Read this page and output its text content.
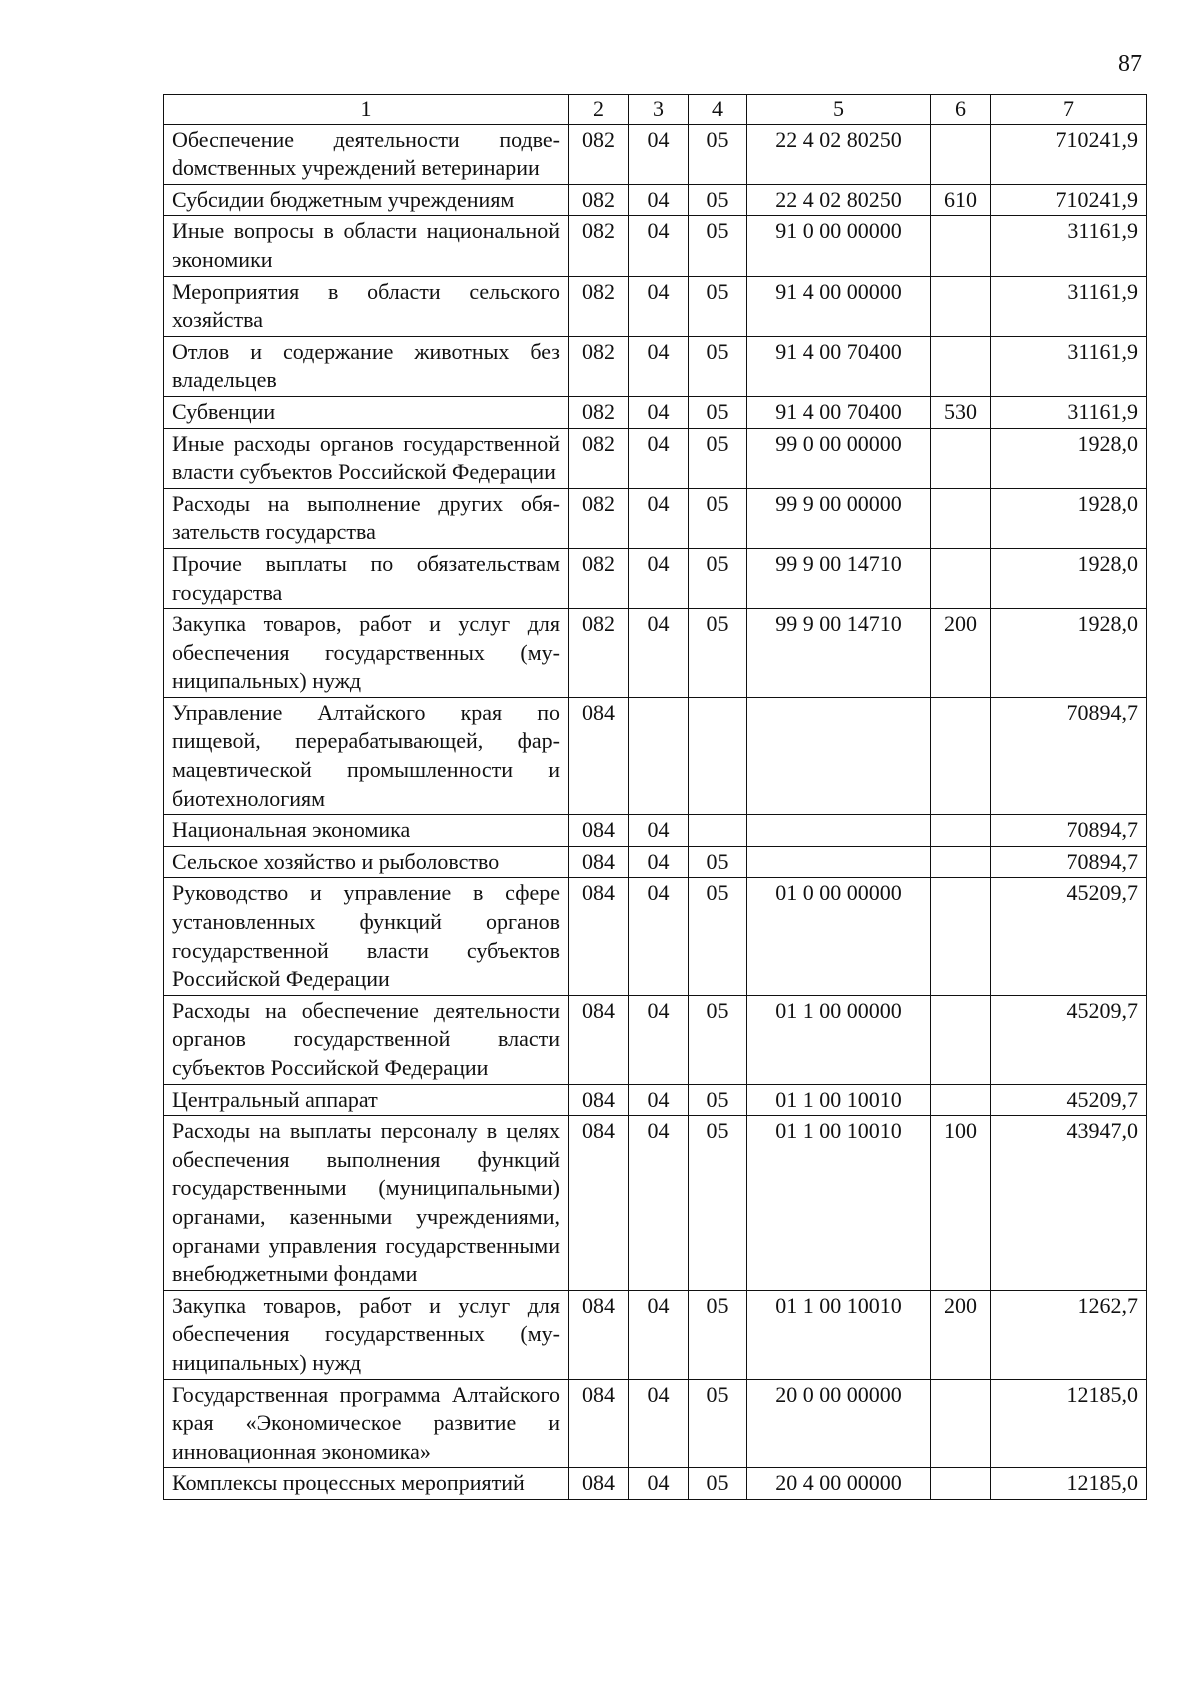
87
1	2	3	4	5	6	7
Обеспечение деятельности подвеdомственных учреждений ветеринарии	082	04	05	22 4 02 80250		710241,9
Субсидии бюджетным учреждениям	082	04	05	22 4 02 80250	610	710241,9
Иные вопросы в области национальной экономики	082	04	05	91 0 00 00000		31161,9
Мероприятия в области сельского хозяйства	082	04	05	91 4 00 00000		31161,9
Отлов и содержание животных без владельцев	082	04	05	91 4 00 70400		31161,9
Субвенции	082	04	05	91 4 00 70400	530	31161,9
Иные расходы органов государственной власти субъектов Российской Федерации	082	04	05	99 0 00 00000		1928,0
Расходы на выполнение других обязательств государства	082	04	05	99 9 00 00000		1928,0
Прочие выплаты по обязательствам государства	082	04	05	99 9 00 14710		1928,0
Закупка товаров, работ и услуг для обеспечения государственных (муниципальных) нужд	082	04	05	99 9 00 14710	200	1928,0
Управление Алтайского края по пищевой, перерабатывающей, фармацевтической промышленности и биотехнологиям	084					70894,7
Национальная экономика	084	04				70894,7
Сельское хозяйство и рыболовство	084	04	05			70894,7
Руководство и управление в сфере установленных функций органов государственной власти субъектов Российской Федерации	084	04	05	01 0 00 00000		45209,7
Расходы на обеспечение деятельности органов государственной власти субъектов Российской Федерации	084	04	05	01 1 00 00000		45209,7
Центральный аппарат	084	04	05	01 1 00 10010		45209,7
Расходы на выплаты персоналу в целях обеспечения выполнения функций государственными (муниципальными) органами, казенными учреждениями, органами управления государственными внебюджетными фондами	084	04	05	01 1 00 10010	100	43947,0
Закупка товаров, работ и услуг для обеспечения государственных (муниципальных) нужд	084	04	05	01 1 00 10010	200	1262,7
Государственная программа Алтайского края «Экономическое развитие и инновационная экономика»	084	04	05	20 0 00 00000		12185,0
Комплексы процессных мероприятий	084	04	05	20 4 00 00000		12185,0
